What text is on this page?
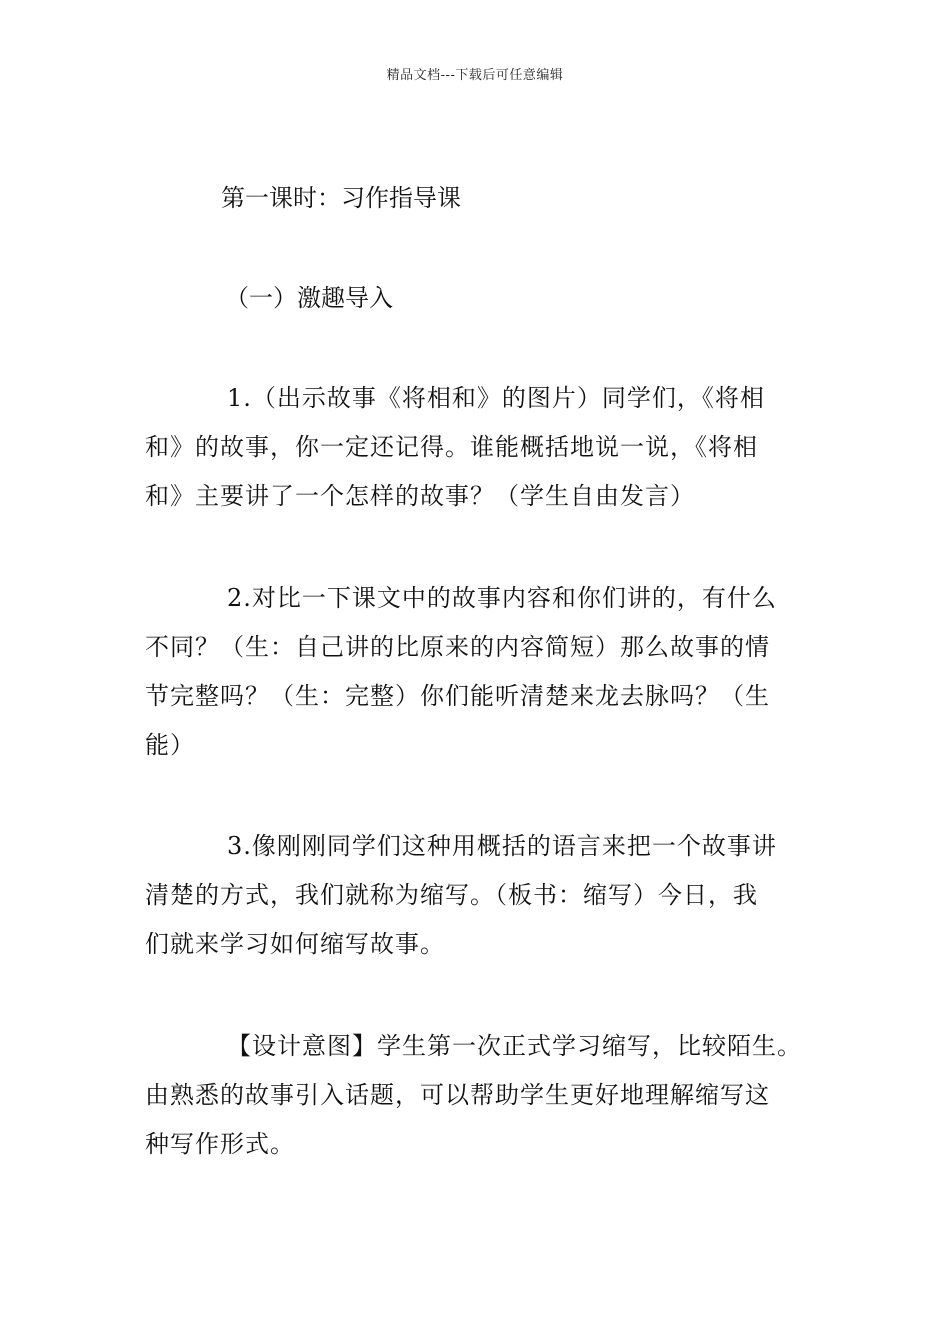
精品文档---下载后可任意编辑
第一课时：习作指导课
（一）激趣导入
1.（出示故事《将相和》的图片）同学们，《将相
和》的故事，你一定还记得。谁能概括地说一说，《将相
和》主要讲了一个怎样的故事？（学生自由发言）
2.对比一下课文中的故事内容和你们讲的，有什么
不同？（生：自己讲的比原来的内容简短）那么故事的情
节完整吗？（生：完整）你们能听清楚来龙去脉吗？（生
能）
3.像刚刚同学们这种用概括的语言来把一个故事讲
清楚的方式，我们就称为缩写。（板书：缩写）今日，我
们就来学习如何缩写故事。
【设计意图】学生第一次正式学习缩写，比较陌生。
由熟悉的故事引入话题，可以帮助学生更好地理解缩写这
种写作形式。
